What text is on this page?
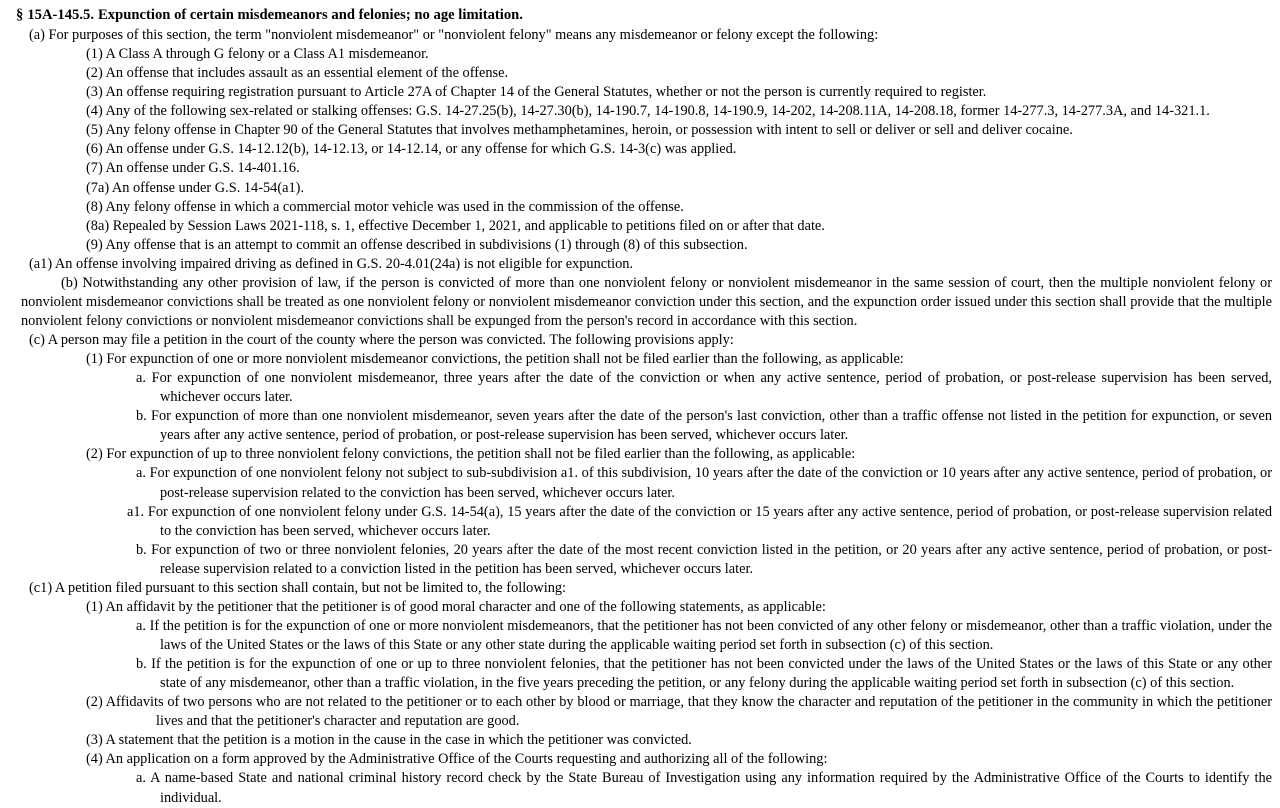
§ 15A-145.5. Expunction of certain misdemeanors and felonies; no age limitation.

(a) For purposes of this section, the term "nonviolent misdemeanor" or "nonviolent felony" means any misdemeanor or felony except the following:

(1) A Class A through G felony or a Class A1 misdemeanor.

(2) An offense that includes assault as an essential element of the offense.

(3) An offense requiring registration pursuant to Article 27A of Chapter 14 of the General Statutes, whether or not the person is currently required to register.

(4) Any of the following sex-related or stalking offenses: G.S. 14-27.25(b), 14-27.30(b), 14-190.7, 14-190.8, 14-190.9, 14-202, 14-208.11A, 14-208.18, former 14-277.3, 14-277.3A, and 14-321.1.

(5) Any felony offense in Chapter 90 of the General Statutes that involves methamphetamines, heroin, or possession with intent to sell or deliver or sell and deliver cocaine.

(6) An offense under G.S. 14-12.12(b), 14-12.13, or 14-12.14, or any offense for which G.S. 14-3(c) was applied.

(7) An offense under G.S. 14-401.16.

(7a) An offense under G.S. 14-54(a1).

(8) Any felony offense in which a commercial motor vehicle was used in the commission of the offense.

(8a) Repealed by Session Laws 2021-118, s. 1, effective December 1, 2021, and applicable to petitions filed on or after that date.

(9) Any offense that is an attempt to commit an offense described in subdivisions (1) through (8) of this subsection.

(a1) An offense involving impaired driving as defined in G.S. 20-4.01(24a) is not eligible for expunction.

(b) Notwithstanding any other provision of law, if the person is convicted of more than one nonviolent felony or nonviolent misdemeanor in the same session of court, then the multiple nonviolent felony or nonviolent misdemeanor convictions shall be treated as one nonviolent felony or nonviolent misdemeanor conviction under this section, and the expunction order issued under this section shall provide that the multiple nonviolent felony convictions or nonviolent misdemeanor convictions shall be expunged from the person's record in accordance with this section.

(c) A person may file a petition in the court of the county where the person was convicted. The following provisions apply:

(1) For expunction of one or more nonviolent misdemeanor convictions, the petition shall not be filed earlier than the following, as applicable:

a. For expunction of one nonviolent misdemeanor, three years after the date of the conviction or when any active sentence, period of probation, or post-release supervision has been served, whichever occurs later.

b. For expunction of more than one nonviolent misdemeanor, seven years after the date of the person's last conviction, other than a traffic offense not listed in the petition for expunction, or seven years after any active sentence, period of probation, or post-release supervision has been served, whichever occurs later.

(2) For expunction of up to three nonviolent felony convictions, the petition shall not be filed earlier than the following, as applicable:

a. For expunction of one nonviolent felony not subject to sub-subdivision a1. of this subdivision, 10 years after the date of the conviction or 10 years after any active sentence, period of probation, or post-release supervision related to the conviction has been served, whichever occurs later.

a1. For expunction of one nonviolent felony under G.S. 14-54(a), 15 years after the date of the conviction or 15 years after any active sentence, period of probation, or post-release supervision related to the conviction has been served, whichever occurs later.

b. For expunction of two or three nonviolent felonies, 20 years after the date of the most recent conviction listed in the petition, or 20 years after any active sentence, period of probation, or post-release supervision related to a conviction listed in the petition has been served, whichever occurs later.

(c1) A petition filed pursuant to this section shall contain, but not be limited to, the following:

(1) An affidavit by the petitioner that the petitioner is of good moral character and one of the following statements, as applicable:

a. If the petition is for the expunction of one or more nonviolent misdemeanors, that the petitioner has not been convicted of any other felony or misdemeanor, other than a traffic violation, under the laws of the United States or the laws of this State or any other state during the applicable waiting period set forth in subsection (c) of this section.

b. If the petition is for the expunction of one or up to three nonviolent felonies, that the petitioner has not been convicted under the laws of the United States or the laws of this State or any other state of any misdemeanor, other than a traffic violation, in the five years preceding the petition, or any felony during the applicable waiting period set forth in subsection (c) of this section.

(2) Affidavits of two persons who are not related to the petitioner or to each other by blood or marriage, that they know the character and reputation of the petitioner in the community in which the petitioner lives and that the petitioner's character and reputation are good.

(3) A statement that the petition is a motion in the cause in the case in which the petitioner was convicted.

(4) An application on a form approved by the Administrative Office of the Courts requesting and authorizing all of the following:

a. A name-based State and national criminal history record check by the State Bureau of Investigation using any information required by the Administrative Office of the Courts to identify the individual.
